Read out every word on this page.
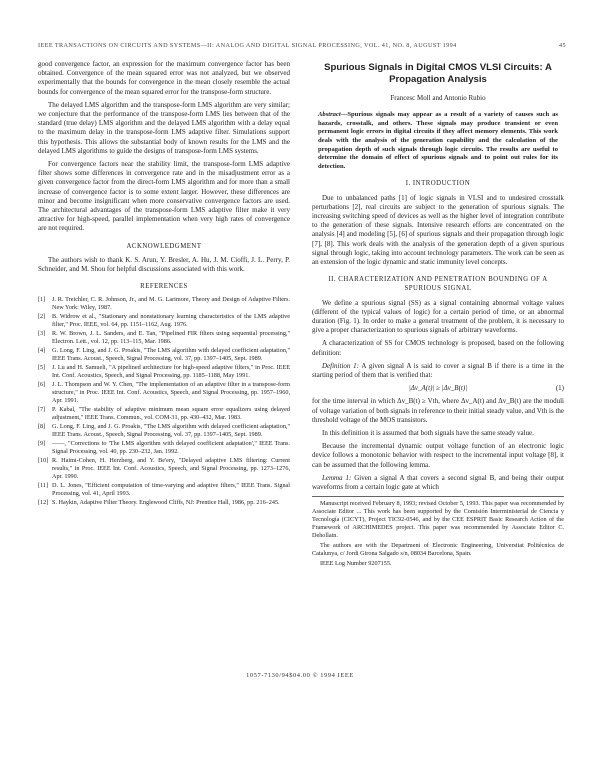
IEEE TRANSACTIONS ON CIRCUITS AND SYSTEMS—II: ANALOG AND DIGITAL SIGNAL PROCESSING, VOL. 41, NO. 8, AUGUST 1994	45

good convergence factor, an expression for the maximum convergence factor has been obtained. Convergence of the mean squared error was not analyzed, but we observed experimentally that the bounds for convergence in the mean closely resemble the actual bounds for convergence of the mean squared error for the transpose-form structure.

The delayed LMS algorithm and the transpose-form LMS algorithm are very similar; we conjecture that the performance of the transpose-form LMS lies between that of the standard (true delay) LMS algorithm and the delayed LMS algorithm with a delay equal to the maximum delay in the transpose-form LMS adaptive filter. Simulations support this hypothesis. This allows the substantial body of known results for the LMS and the delayed LMS algorithms to guide the designs of transpose-form LMS systems.

For convergence factors near the stability limit, the transpose-form LMS adaptive filter shows some differences in convergence rate and in the misadjustment error as a given convergence factor from the direct-form LMS algorithm and for more than a small increase of convergence factor is to some extent larger. However, these differences are minor and become insignificant when more conservative convergence factors are used. The architectural advantages of the transpose-form LMS adaptive filter make it very attractive for high-speed, parallel implementation when very high rates of convergence are not required.

ACKNOWLEDGMENT

The authors wish to thank K. S. Arun, Y. Bresler, A. Hu, J. M. Cioffi, J. L. Perry, P. Schneider, and M. Shou for helpful discussions associated with this work.

REFERENCES
[1] J. R. Treichler, C. R. Johnson, Jr., and M. G. Larimore, Theory and Design of Adaptive Filters. New York: Wiley, 1987.
[2] B. Widrow et al., "Stationary and nonstationary learning characteristics of the LMS adaptive filter," Proc. IEEE, vol. 64, pp. 1151–1162, Aug. 1976.
[3] R. W. Brown, J. L. Sanders, and E. Tan, "Pipelined FIR filters using sequential processing," Electron. Lett., vol. 12, pp. 113–115, Mar. 1986.
[4] G. Long, F. Ling, and J. G. Proakis, "The LMS algorithm with delayed coefficient adaptation," IEEE Trans. Acoust., Speech, Signal Processing, vol. 37, pp. 1397–1405, Sept. 1989.
[5] J. Lu and H. Samueli, "A pipelined architecture for high-speed adaptive filters," in Proc. IEEE Int. Conf. Acoustics, Speech, and Signal Processing, pp. 1185–1188, May 1991.
[6] J. L. Thompson and W. Y. Chen, "The implementation of an adaptive filter in a transpose-form structure," in Proc. IEEE Int. Conf. Acoustics, Speech, and Signal Processing, pp. 1957–1960, Apr. 1991.
[7] P. Kabal, "The stability of adaptive minimum mean square error equalizers using delayed adjustment," IEEE Trans. Commun., vol. COM-31, pp. 430–432, Mar. 1983.
[8] G. Long, F. Ling, and J. G. Proakis, "The LMS algorithm with delayed coefficient adaptation," IEEE Trans. Acoust., Speech, Signal Processing, vol. 37, pp. 1397–1405, Sept. 1989.
[9] ——, "Corrections to 'The LMS algorithm with delayed coefficient adaptation'," IEEE Trans. Signal Processing, vol. 40, pp. 230–232, Jan. 1992.
[10] R. Haimi-Cohen, H. Herzberg, and Y. Be'ery, "Delayed adaptive LMS filtering: Current results," in Proc. IEEE Int. Conf. Acoustics, Speech, and Signal Processing, pp. 1273–1276, Apr. 1990.
[11] D. L. Jones, "Efficient computation of time-varying and adaptive filters," IEEE Trans. Signal Processing, vol. 41, April 1993.
[12] S. Haykin, Adaptive Filter Theory. Englewood Cliffs, NJ: Prentice Hall, 1986, pp. 216–245.
Spurious Signals in Digital CMOS VLSI Circuits: A Propagation Analysis
Francesc Moll and Antonio Rubio
Abstract—Spurious signals may appear as a result of a variety of causes such as hazards, crosstalk, and others. These signals may produce transient or even permanent logic errors in digital circuits if they affect memory elements. This work deals with the analysis of the generation capability and the calculation of the propagation depth of such signals through logic circuits. The results are useful to determine the domain of effect of spurious signals and to point out rules for its detection.
I. INTRODUCTION

Due to unbalanced paths [1] of logic signals in VLSI and to undesired crosstalk perturbations [2], real circuits are subject to the generation of spurious signals. The increasing switching speed of devices as well as the higher level of integration contribute to the generation of these signals. Intensive research efforts are concentrated on the analysis [4] and modeling [5], [6] of spurious signals and their propagation through logic [7], [8]. This work deals with the analysis of the generation depth of a given spurious signal through logic, taking into account technology parameters. The work can be seen as an extension of the logic dynamic and static immunity level concepts.

II. CHARACTERIZATION AND PENETRATION BOUNDING OF A SPURIOUS SIGNAL

We define a spurious signal (SS) as a signal containing abnormal voltage values (different of the typical values of logic) for a certain period of time, or an abnormal duration (Fig. 1). In order to make a general treatment of the problem, it is necessary to give a proper characterization to spurious signals of arbitrary waveforms.

A characterization of SS for CMOS technology is proposed, based on the following definition:

Definition 1: A given signal A is said to cover a signal B if there is a time in the starting period of them that is verified that:

|Δv_A(t)| ≥ |Δv_B(t)|	(1)

for the time interval in which Δv_B(t) ≥ Vth, where Δv_A(t) and Δv_B(t) are the moduli of voltage variation of both signals in reference to their initial steady value, and Vth is the threshold voltage of the MOS transistors.

In this definition it is assumed that both signals have the same steady value.

Because the incremental dynamic output voltage function of an electronic logic device follows a monotonic behavior with respect to the incremental input voltage [8], it can be assumed that the following lemma.

Lemma 1: Given a signal A that covers a second signal B, and being their output waveforms from a certain logic gate at which

Manuscript received February 8, 1993; revised October 5, 1993. This paper was recommended by Associate Editor ... This work has been supported by the Comisión Interministerial de Ciencia y Tecnología (CICYT), Project TIC92-0546, and by the CEE ESPRIT Basic Research Action of the Framework of ARCHIMEDES project. This paper was recommended by Associate Editor C. Dehollain.

The authors are with the Department of Electronic Engineering, Universitat Politècnica de Catalunya, c/ Jordi Girona Salgado s/n, 08034 Barcelona, Spain.

IEEE Log Number 9207155.

1057-7130/94$04.00 © 1994 IEEE
